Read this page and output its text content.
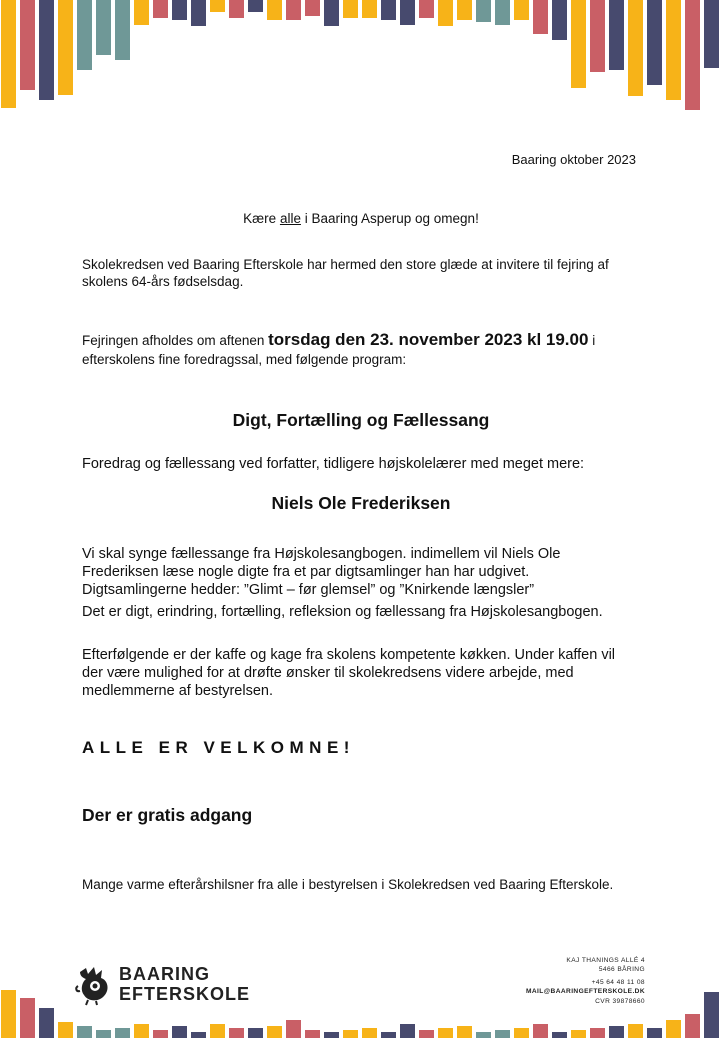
Baaring oktober 2023

Kære alle i Baaring Asperup og omegn!

Skolekredsen ved Baaring Efterskole har hermed den store glæde at invitere til fejring af
skolens 64-års fødselsdag.
Fejringen afholdes om aftenen torsdag den 23. november 2023 kl 19.00 i
efterskolens fine foredragssal, med følgende program:

Digt, Fortælling og Fællessang

Foredrag og fællessang ved forfatter, tidligere højskolelærer med meget mere:

Niels Ole Frederiksen

Vi skal synge fællessange fra Højskolesangbogen. indimellem vil Niels Ole
Frederiksen læse nogle digte fra et par digtsamlinger han har udgivet.
Digtsamlingerne hedder: ”Glimt – før glemsel” og ”Knirkende længsler”
Det er digt, erindring, fortælling, refleksion og fællessang fra Højskolesangbogen.
Efterfølgende er der kaffe og kage fra skolens kompetente køkken. Under kaffen vil
der være mulighed for at drøfte ønsker til skolekredsens videre arbejde, med
medlemmerne af bestyrelsen.

ALLE ER VELKOMNE!

Der er gratis adgang

Mange varme efterårshilsner fra alle i bestyrelsen i Skolekredsen ved Baaring Efterskole.

BAARING
EFTERSKOLE
KAJ THANINGS ALLÉ 4
5466 BÅRING
+45 64 48 11 08
MAIL@BAARINGEFTERSKOLE.DK
CVR 39878660
